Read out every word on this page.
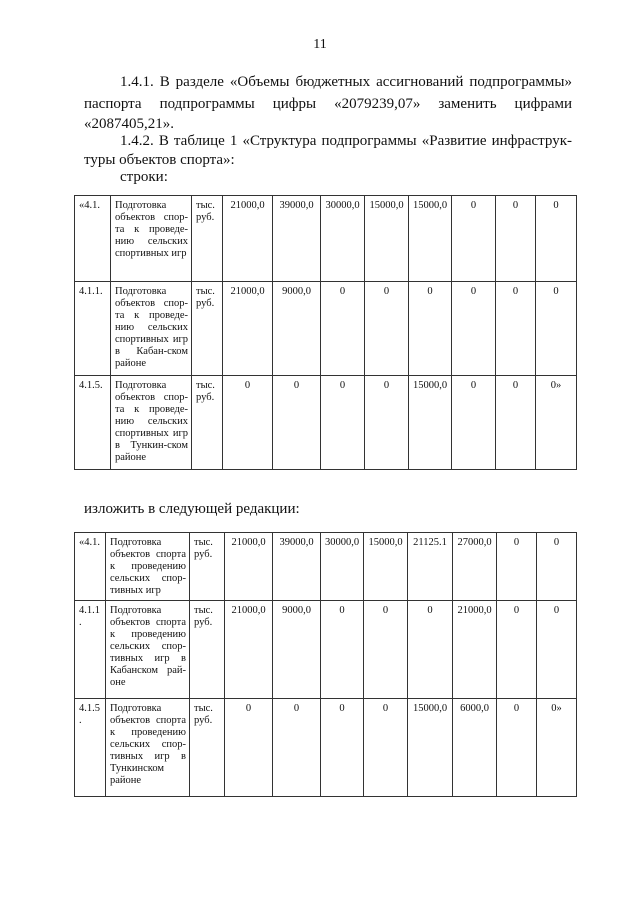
11
1.4.1. В разделе «Объемы бюджетных ассигнований подпрограммы»
паспорта подпрограммы цифры «2079239,07» заменить цифрами
«2087405,21».
1.4.2. В таблице 1 «Структура подпрограммы «Развитие инфраструк-
туры объектов спорта»:
строки:
«4.1.	Подготовка объектов спор-та к проведе-нию сельских спортивных игр	тыс. руб.	21000,0	39000,0	30000,0	15000,0	15000,0	0	0	0
4.1.1.	Подготовка объектов спор-та к проведе-нию сельских спортивных игр в Кабан-ском районе	тыс. руб.	21000,0	9000,0	0	0	0	0	0	0
4.1.5.	Подготовка объектов спор-та к проведе-нию сельских спортивных игр в Тункин-ском районе	тыс. руб.	0	0	0	0	15000,0	0	0	0»
изложить в следующей редакции:
«4.1.	Подготовка объектов спорта к проведению сельских спор-тивных игр	тыс. руб.	21000,0	39000,0	30000,0	15000,0	21125.1	27000,0	0	0
4.1.1.	Подготовка объектов спорта к проведению сельских спор-тивных игр в Кабанском рай-оне	тыс. руб.	21000,0	9000,0	0	0	0	21000,0	0	0
4.1.5.	Подготовка объектов спорта к проведению сельских спор-тивных игр в Тункинском районе	тыс. руб.	0	0	0	0	15000,0	6000,0	0	0»
